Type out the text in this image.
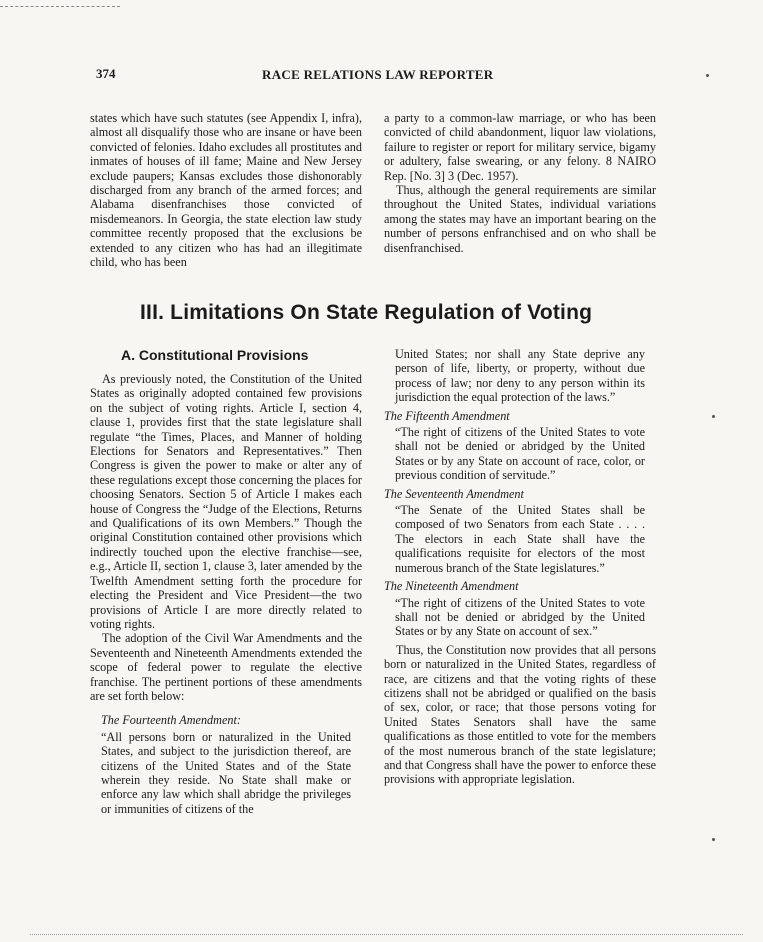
374	RACE RELATIONS LAW REPORTER

states which have such statutes (see Appendix I, infra), almost all disqualify those who are insane or have been convicted of felonies. Idaho excludes all prostitutes and inmates of houses of ill fame; Maine and New Jersey exclude paupers; Kansas excludes those dishonorably discharged from any branch of the armed forces; and Alabama disenfranchises those convicted of misdemeanors. In Georgia, the state election law study committee recently proposed that the exclusions be extended to any citizen who has had an illegitimate child, who has been

a party to a common-law marriage, or who has been convicted of child abandonment, liquor law violations, failure to register or report for military service, bigamy or adultery, false swearing, or any felony. 8 NAIRO Rep. [No. 3] 3 (Dec. 1957).

Thus, although the general requirements are similar throughout the United States, individual variations among the states may have an important bearing on the number of persons enfranchised and on who shall be disenfranchised.

III. Limitations On State Regulation of Voting
A. Constitutional Provisions

As previously noted, the Constitution of the United States as originally adopted contained few provisions on the subject of voting rights. Article I, section 4, clause 1, provides first that the state legislature shall regulate “the Times, Places, and Manner of holding Elections for Senators and Representatives.” Then Congress is given the power to make or alter any of these regulations except those concerning the places for choosing Senators. Section 5 of Article I makes each house of Congress the “Judge of the Elections, Returns and Qualifications of its own Members.” Though the original Constitution contained other provisions which indirectly touched upon the elective franchise—see, e.g., Article II, section 1, clause 3, later amended by the Twelfth Amendment setting forth the procedure for electing the President and Vice President—the two provisions of Article I are more directly related to voting rights.

The adoption of the Civil War Amendments and the Seventeenth and Nineteenth Amendments extended the scope of federal power to regulate the elective franchise. The pertinent portions of these amendments are set forth below:

The Fourteenth Amendment:

“All persons born or naturalized in the United States, and subject to the jurisdiction thereof, are citizens of the United States and of the State wherein they reside. No State shall make or enforce any law which shall abridge the privileges or immunities of citizens of the

United States; nor shall any State deprive any person of life, liberty, or property, without due process of law; nor deny to any person within its jurisdiction the equal protection of the laws.”

The Fifteenth Amendment

“The right of citizens of the United States to vote shall not be denied or abridged by the United States or by any State on account of race, color, or previous condition of servitude.”

The Seventeenth Amendment

“The Senate of the United States shall be composed of two Senators from each State . . . . The electors in each State shall have the qualifications requisite for electors of the most numerous branch of the State legislatures.”

The Nineteenth Amendment

“The right of citizens of the United States to vote shall not be denied or abridged by the United States or by any State on account of sex.”

Thus, the Constitution now provides that all persons born or naturalized in the United States, regardless of race, are citizens and that the voting rights of these citizens shall not be abridged or qualified on the basis of sex, color, or race; that those persons voting for United States Senators shall have the same qualifications as those entitled to vote for the members of the most numerous branch of the state legislature; and that Congress shall have the power to enforce these provisions with appropriate legislation.
